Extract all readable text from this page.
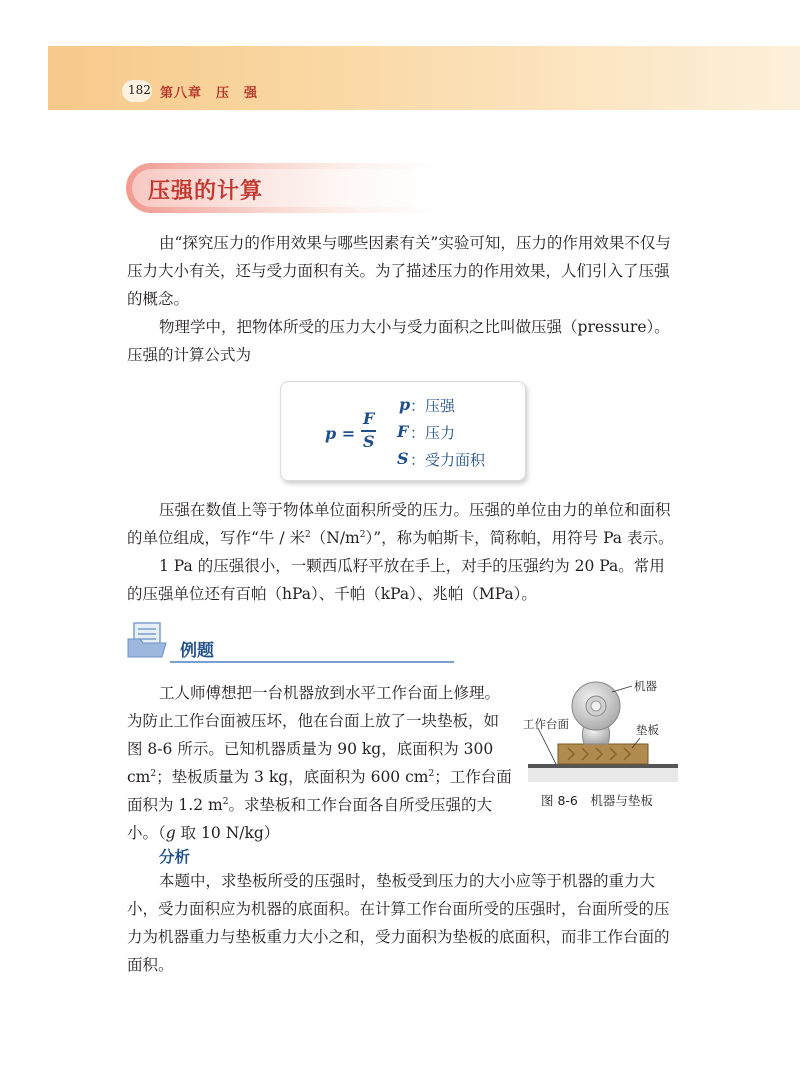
182 第八章　压　强
压强的计算
由“探究压力的作用效果与哪些因素有关”实验可知，压力的作用效果不仅与压力大小有关，还与受力面积有关。为了描述压力的作用效果，人们引入了压强的概念。
物理学中，把物体所受的压力大小与受力面积之比叫做压强（pressure）。压强的计算公式为
p =
F
S
p ：压强
F ：压力
S ：受力面积
压强在数值上等于物体单位面积所受的压力。压强的单位由力的单位和面积的单位组成，写作“牛 / 米$^2(N/m^2)$”，称为帕斯卡，简称帕，用符号 Pa 表示。
1 Pa 的压强很小，一颗西瓜籽平放在手上，对手的压强约为 20 Pa。常用的压强单位还有百帕（hPa）、千帕（kPa）、兆帕（MPa）。
例题
工人师傅想把一台机器放到水平工作台面上修理。为防止工作台面被压坏，他在台面上放了一块垫板，如图 8-6 所示。已知机器质量为 90 kg，底面积为 300 $cm^2$；垫板质量为 3 kg，底面积为 600 $cm^2$；工作台面面积为 1.2 $m^2$。求垫板和工作台面各自所受压强的大小。（g 取 10 N/kg）
机器
工作台面	垫板
图 8-6　机器与垫板
分析
本题中，求垫板所受的压强时，垫板受到压力的大小应等于机器的重力大小，受力面积应为机器的底面积。在计算工作台面所受的压强时，台面所受的压力为机器重力与垫板重力大小之和，受力面积为垫板的底面积，而非工作台面的面积。
